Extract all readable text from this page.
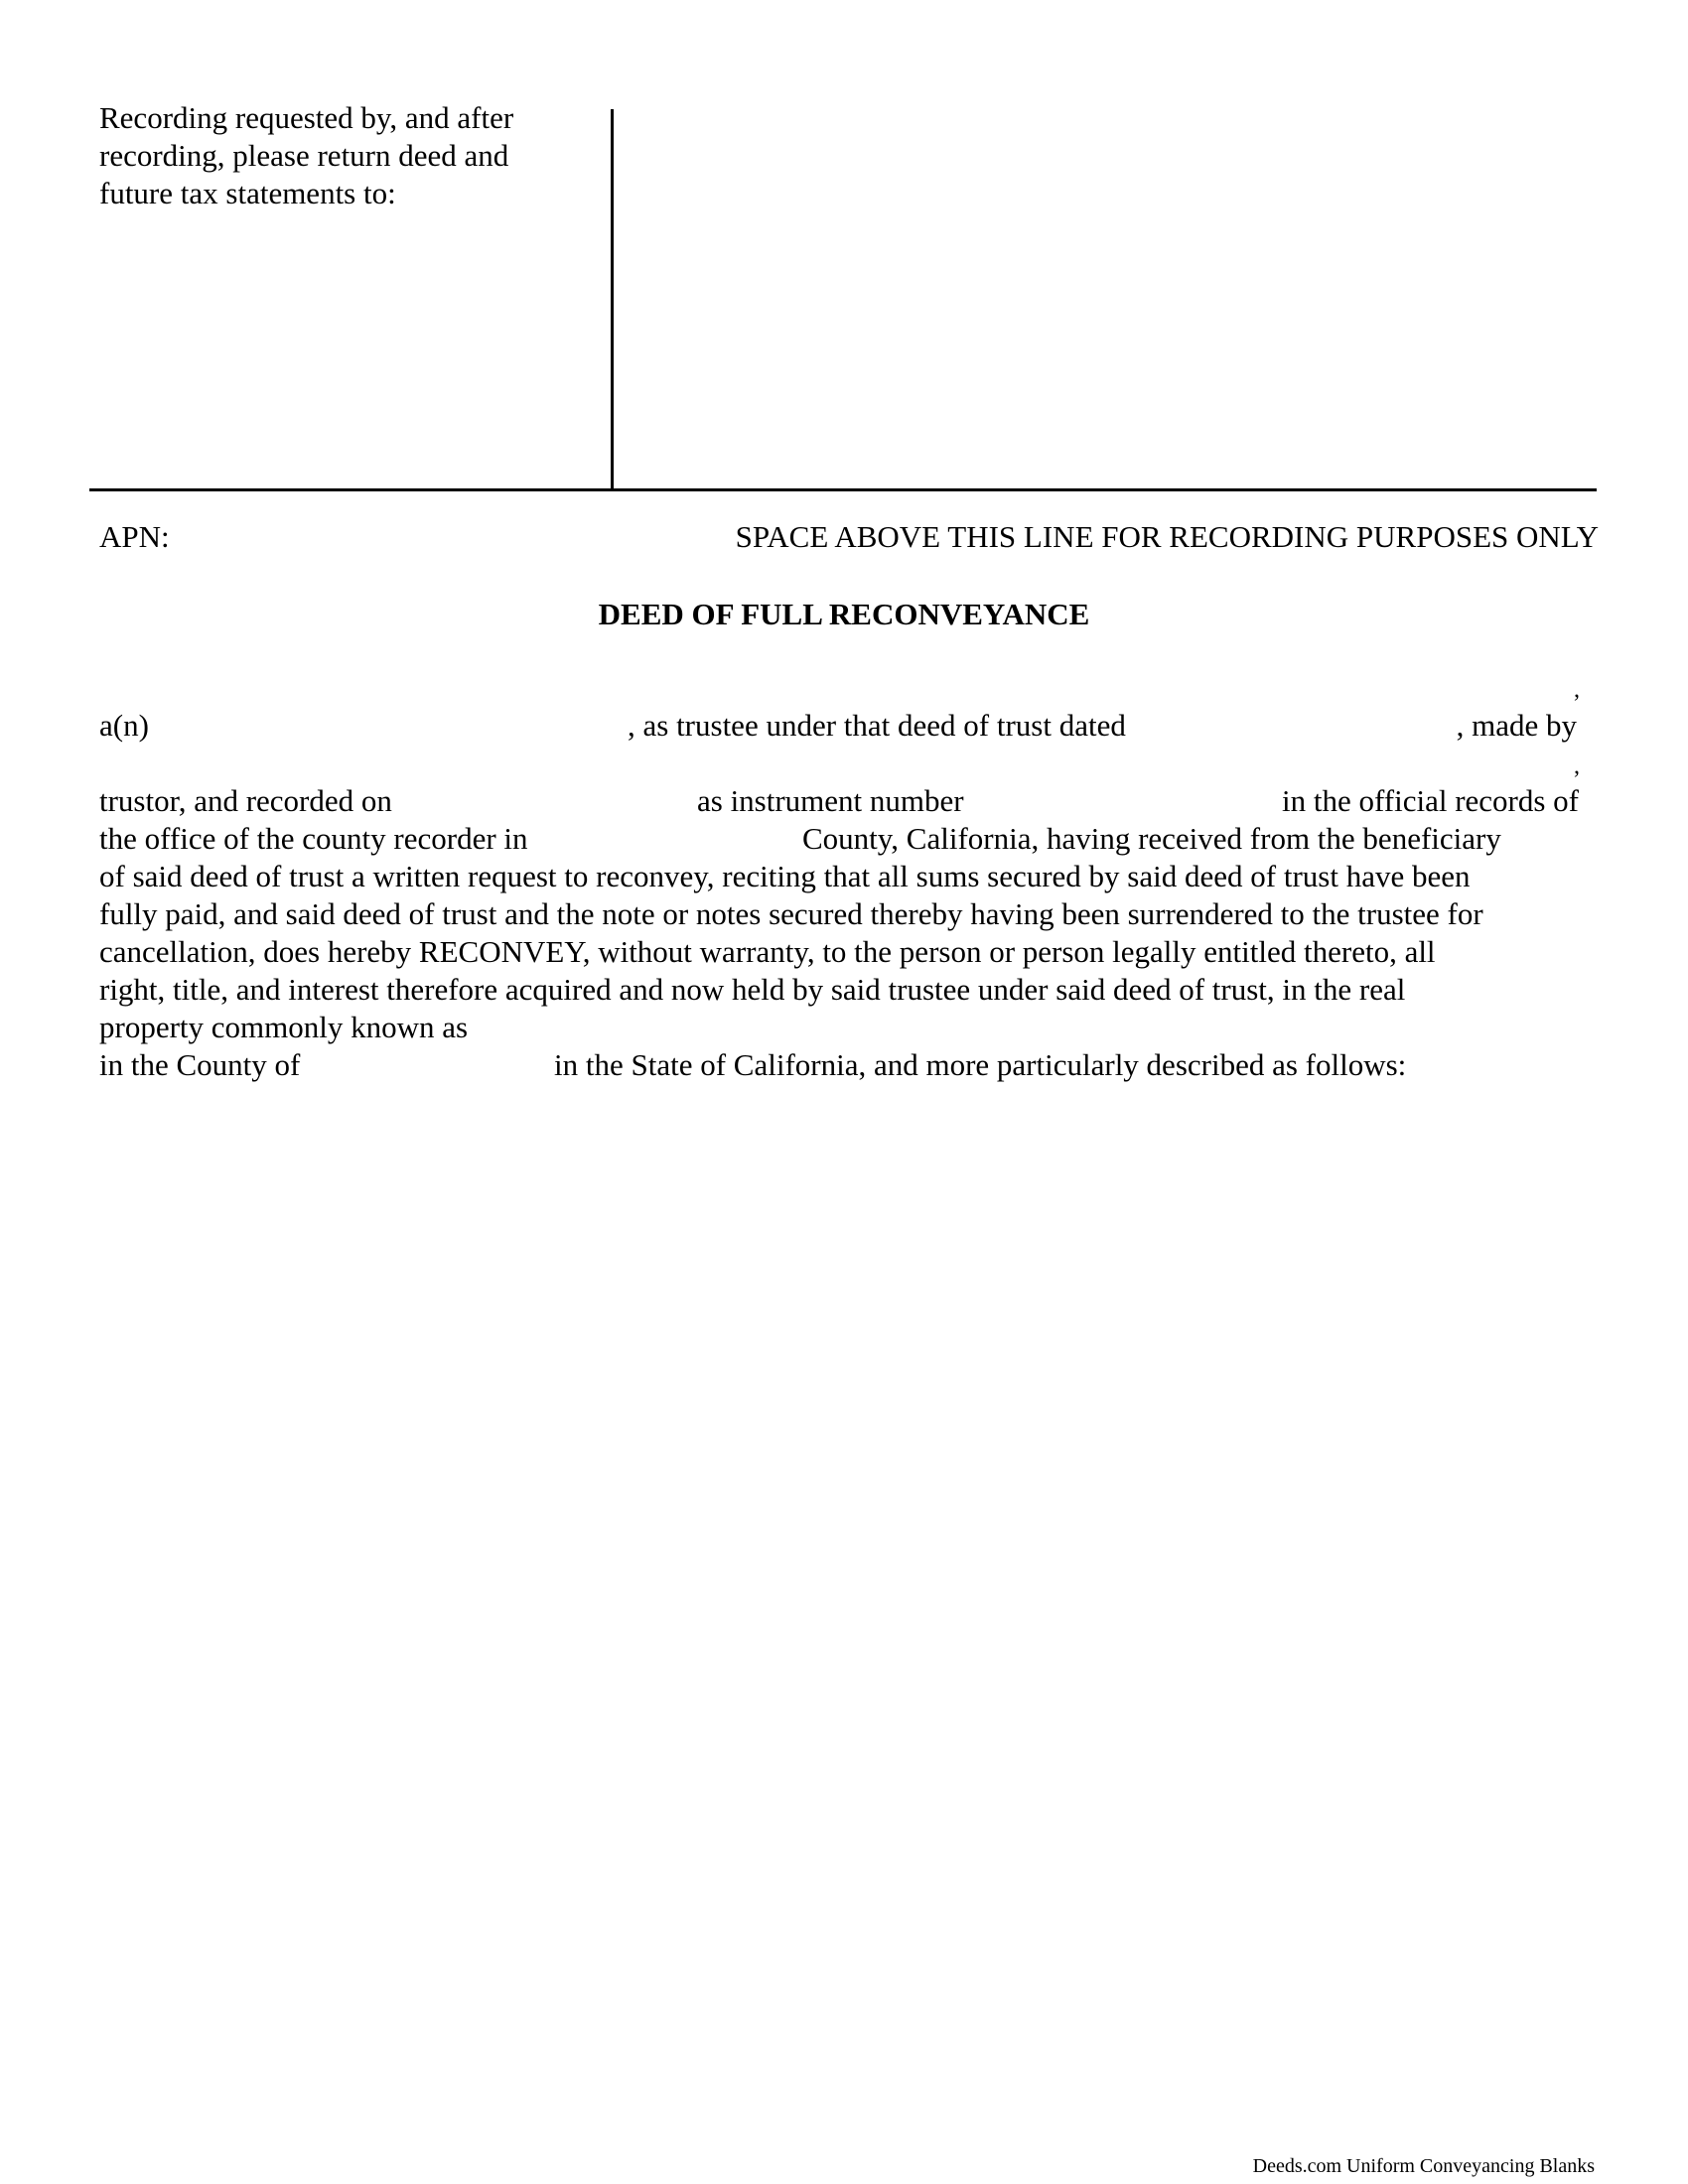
Recording requested by, and after
recording, please return deed and
future tax statements to:
APN:	SPACE ABOVE THIS LINE FOR RECORDING PURPOSES ONLY
DEED OF FULL RECONVEYANCE
,
a(n)	, as trustee under that deed of trust dated	, made by
,
trustor, and recorded on	as instrument number	in the official records of
the office of the county recorder in	County, California, having received from the beneficiary
of said deed of trust a written request to reconvey, reciting that all sums secured by said deed of trust have been
fully paid, and said deed of trust and the note or notes secured thereby having been surrendered to the trustee for
cancellation, does hereby RECONVEY, without warranty, to the person or person legally entitled thereto, all
right, title, and interest therefore acquired and now held by said trustee under said deed of trust, in the real
property commonly known as
in the County of	in the State of California, and more particularly described as follows:
Deeds.com Uniform Conveyancing Blanks
